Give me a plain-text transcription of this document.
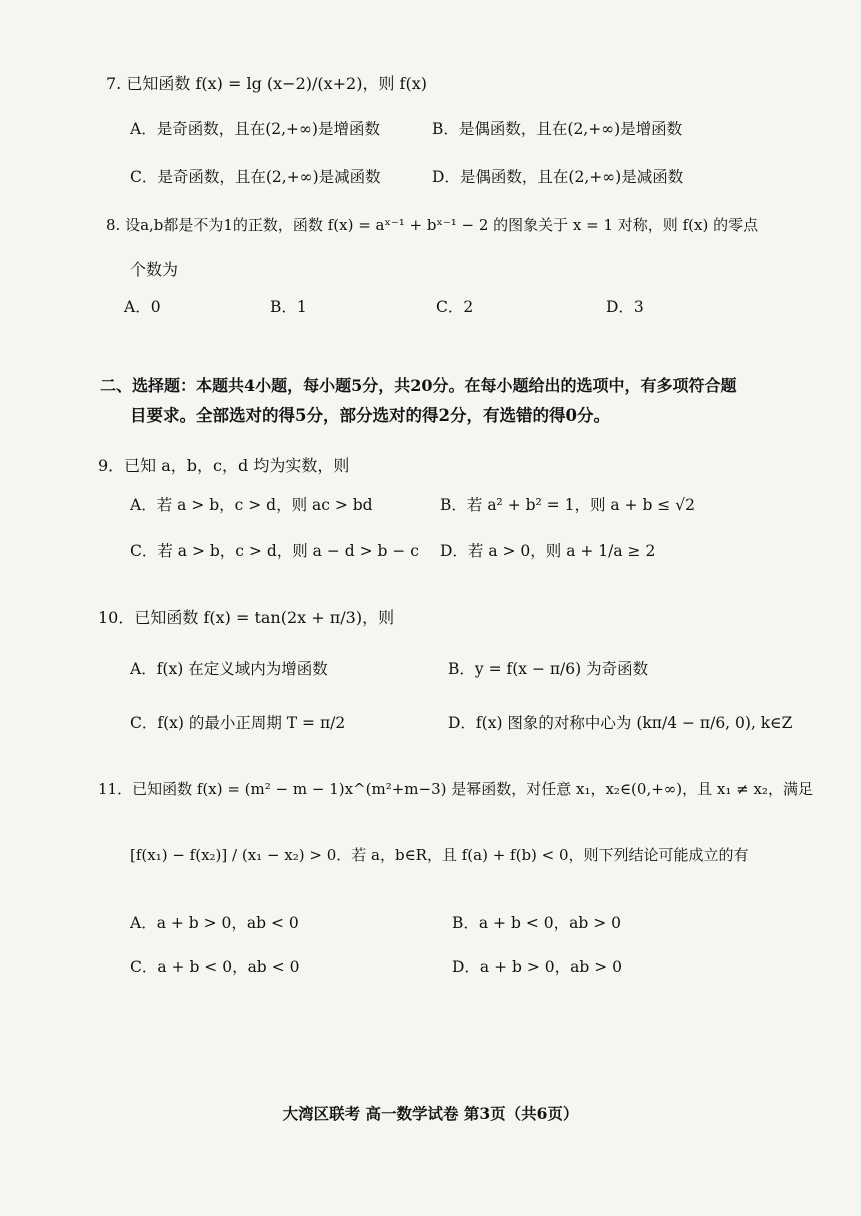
7. 已知函数 f(x) = lg (x−2)/(x+2)，则 f(x)
A．是奇函数，且在(2,+∞)是增函数	B．是偶函数，且在(2,+∞)是增函数
C．是奇函数，且在(2,+∞)是减函数	D．是偶函数，且在(2,+∞)是减函数
8. 设a,b都是不为1的正数，函数 f(x) = aˣ⁻¹ + bˣ⁻¹ − 2 的图象关于 x = 1 对称，则 f(x) 的零点
个数为
A．0	B．1	C．2	D．3
二、选择题：本题共4小题，每小题5分，共20分。在每小题给出的选项中，有多项符合题
目要求。全部选对的得5分，部分选对的得2分，有选错的得0分。
9．已知 a，b，c，d 均为实数，则
A．若 a > b，c > d，则 ac > bd	B．若 a² + b² = 1，则 a + b ≤ √2
C．若 a > b，c > d，则 a − d > b − c D．若 a > 0，则 a + 1/a ≥ 2
10．已知函数 f(x) = tan(2x + π/3)，则
A．f(x) 在定义域内为增函数	B．y = f(x − π/6) 为奇函数
C．f(x) 的最小正周期 T = π/2	D．f(x) 图象的对称中心为 (kπ/4 − π/6, 0), k∈Z
11．已知函数 f(x) = (m² − m − 1)x^(m²+m−3) 是幂函数，对任意 x₁，x₂∈(0,+∞)，且 x₁ ≠ x₂，满足
[f(x₁) − f(x₂)] / (x₁ − x₂) > 0．若 a，b∈R，且 f(a) + f(b) < 0，则下列结论可能成立的有
A．a + b > 0，ab < 0	B．a + b < 0，ab > 0
C．a + b < 0，ab < 0	D．a + b > 0，ab > 0
大湾区联考 高一数学试卷 第3页（共6页）
